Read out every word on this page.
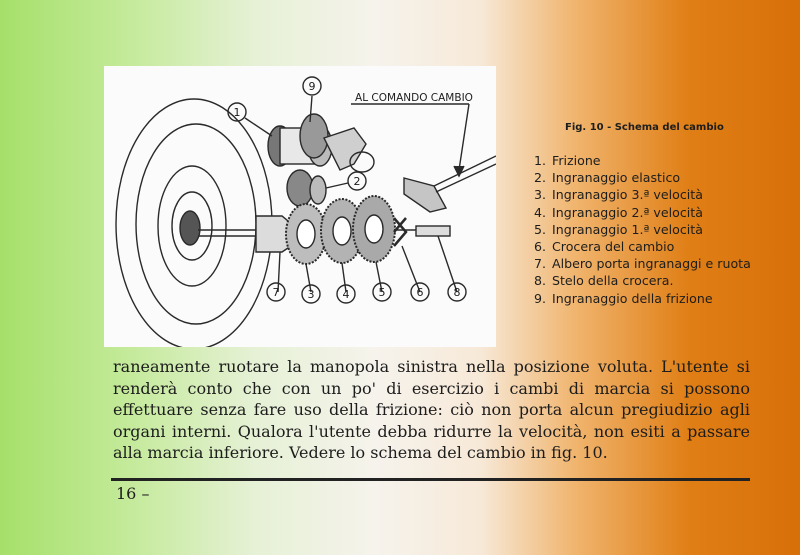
1
9
2
7	3	4	5	6	8
AL COMANDO CAMBIO
Fig. 10 - Schema del cambio
1. Frizione
2. Ingranaggio elastico
3. Ingranaggio 3.ª velocità
4. Ingranaggio 2.ª velocità
5. Ingranaggio 1.ª velocità
6. Crocera del cambio
7. Albero porta ingranaggi e ruota
8. Stelo della crocera.
9. Ingranaggio della frizione

raneamente ruotare la manopola sinistra nella posizione voluta. L'utente si renderà conto che con un po' di esercizio i cambi di marcia si possono effettuare senza fare uso della frizione: ciò non porta alcun pregiudizio agli organi interni. Qualora l'utente debba ridurre la velocità, non esiti a passare alla marcia inferiore. Vedere lo schema del cambio in fig. 10.

16 –
